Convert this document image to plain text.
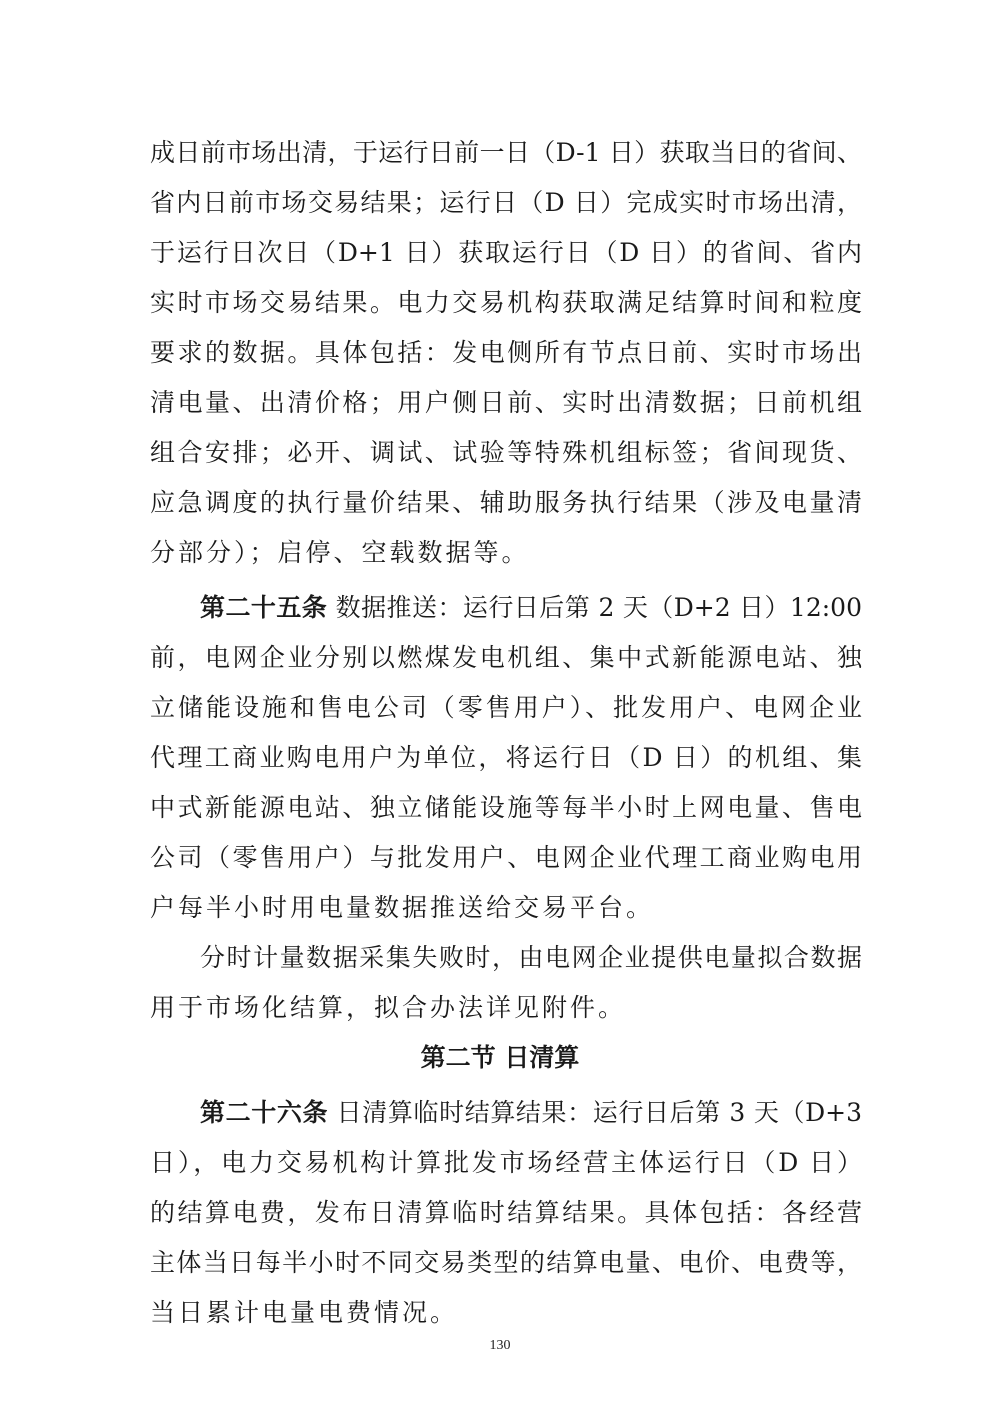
成日前市场出清，于运行日前一日（D-1 日）获取当日的省间、
省内日前市场交易结果；运行日（D 日）完成实时市场出清，
于运行日次日（D+1 日）获取运行日（D 日）的省间、省内
实时市场交易结果。电力交易机构获取满足结算时间和粒度
要求的数据。具体包括：发电侧所有节点日前、实时市场出
清电量、出清价格；用户侧日前、实时出清数据；日前机组
组合安排；必开、调试、试验等特殊机组标签；省间现货、
应急调度的执行量价结果、辅助服务执行结果（涉及电量清
分部分）；启停、空载数据等。
第二十五条 数据推送：运行日后第 2 天（D+2 日）12:00
前，电网企业分别以燃煤发电机组、集中式新能源电站、独
立储能设施和售电公司（零售用户）、批发用户、电网企业
代理工商业购电用户为单位，将运行日（D 日）的机组、集
中式新能源电站、独立储能设施等每半小时上网电量、售电
公司（零售用户）与批发用户、电网企业代理工商业购电用
户每半小时用电量数据推送给交易平台。
分时计量数据采集失败时，由电网企业提供电量拟合数据
用于市场化结算，拟合办法详见附件。
第二节 日清算
第二十六条 日清算临时结算结果：运行日后第 3 天（D+3
日），电力交易机构计算批发市场经营主体运行日（D 日）
的结算电费，发布日清算临时结算结果。具体包括：各经营
主体当日每半小时不同交易类型的结算电量、电价、电费等，
当日累计电量电费情况。
130
